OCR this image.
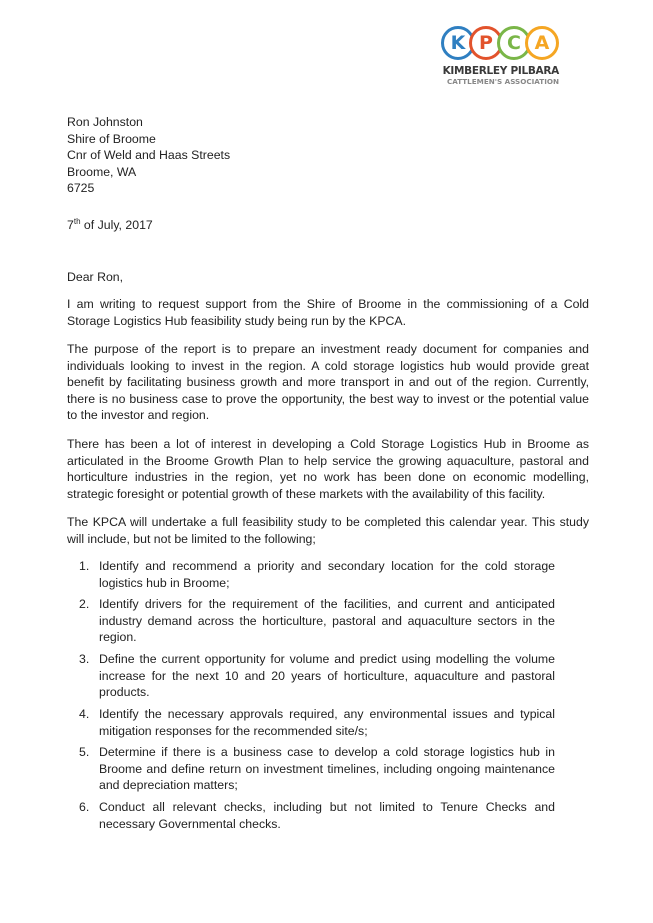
K P C A
KIMBERLEY PILBARA
CATTLEMEN'S ASSOCIATION
Ron Johnston
Shire of Broome
Cnr of Weld and Haas Streets
Broome, WA
6725
7th of July, 2017
Dear Ron,

I am writing to request support from the Shire of Broome in the commissioning of a Cold Storage Logistics Hub feasibility study being run by the KPCA.

The purpose of the report is to prepare an investment ready document for companies and individuals looking to invest in the region. A cold storage logistics hub would provide great benefit by facilitating business growth and more transport in and out of the region. Currently, there is no business case to prove the opportunity, the best way to invest or the potential value to the investor and region.

There has been a lot of interest in developing a Cold Storage Logistics Hub in Broome as articulated in the Broome Growth Plan to help service the growing aquaculture, pastoral and horticulture industries in the region, yet no work has been done on economic modelling, strategic foresight or potential growth of these markets with the availability of this facility.

The KPCA will undertake a full feasibility study to be completed this calendar year. This study will include, but not be limited to the following;

1. Identify and recommend a priority and secondary location for the cold storage logistics hub in Broome;
2. Identify drivers for the requirement of the facilities, and current and anticipated industry demand across the horticulture, pastoral and aquaculture sectors in the region.
3. Define the current opportunity for volume and predict using modelling the volume increase for the next 10 and 20 years of horticulture, aquaculture and pastoral products.
4. Identify the necessary approvals required, any environmental issues and typical mitigation responses for the recommended site/s;
5. Determine if there is a business case to develop a cold storage logistics hub in Broome and define return on investment timelines, including ongoing maintenance and depreciation matters;
6. Conduct all relevant checks, including but not limited to Tenure Checks and necessary Governmental checks.
